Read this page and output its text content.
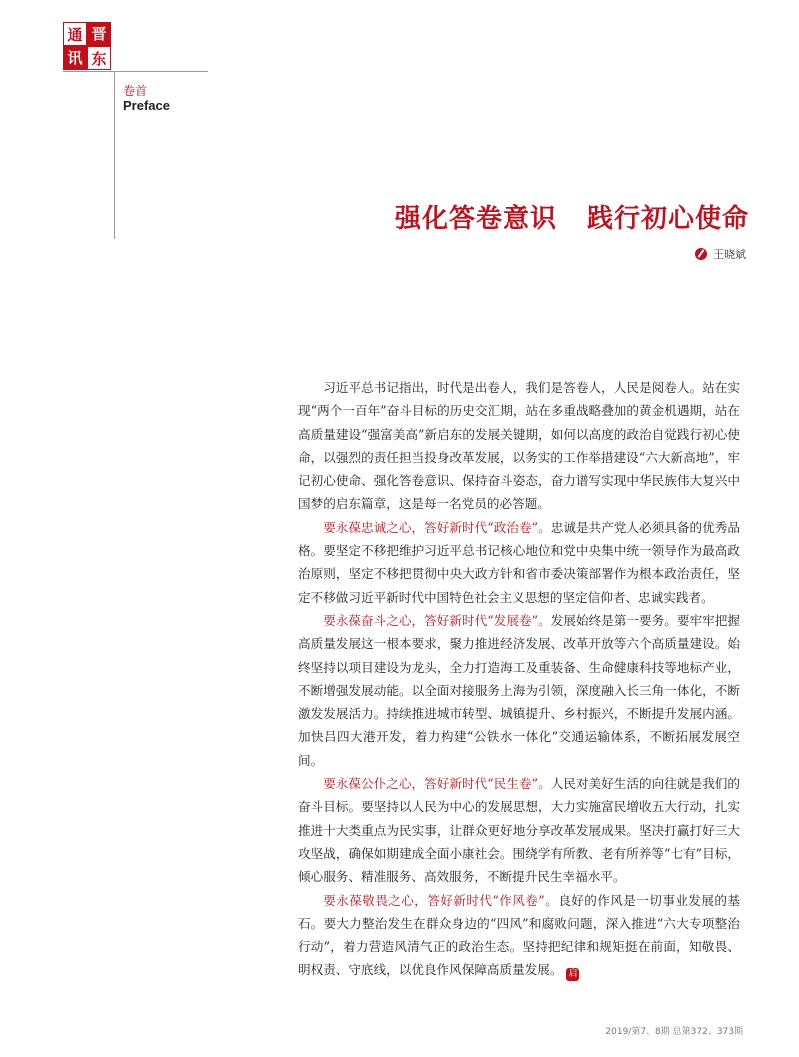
通 晋
讯 东
卷首
Preface
强化答卷意识 践行初心使命
王晓斌

习近平总书记指出，时代是出卷人，我们是答卷人，人民是阅卷人。站在实现“两个一百年”奋斗目标的历史交汇期，站在多重战略叠加的黄金机遇期，站在高质量建设“强富美高”新启东的发展关键期，如何以高度的政治自觉践行初心使命，以强烈的责任担当投身改革发展，以务实的工作举措建设“六大新高地”，牢记初心使命、强化答卷意识、保持奋斗姿态，奋力谱写实现中华民族伟大复兴中国梦的启东篇章，这是每一名党员的必答题。

要永葆忠诚之心，答好新时代“政治卷”。忠诚是共产党人必须具备的优秀品格。要坚定不移把维护习近平总书记核心地位和党中央集中统一领导作为最高政治原则，坚定不移把贯彻中央大政方针和省市委决策部署作为根本政治责任，坚定不移做习近平新时代中国特色社会主义思想的坚定信仰者、忠诚实践者。

要永葆奋斗之心，答好新时代“发展卷”。发展始终是第一要务。要牢牢把握高质量发展这一根本要求，聚力推进经济发展、改革开放等六个高质量建设。始终坚持以项目建设为龙头，全力打造海工及重装备、生命健康科技等地标产业，不断增强发展动能。以全面对接服务上海为引领，深度融入长三角一体化，不断激发发展活力。持续推进城市转型、城镇提升、乡村振兴，不断提升发展内涵。加快吕四大港开发，着力构建“公铁水一体化”交通运输体系，不断拓展发展空间。

要永葆公仆之心，答好新时代“民生卷”。人民对美好生活的向往就是我们的奋斗目标。要坚持以人民为中心的发展思想，大力实施富民增收五大行动，扎实推进十大类重点为民实事，让群众更好地分享改革发展成果。坚决打赢打好三大攻坚战，确保如期建成全面小康社会。围绕学有所教、老有所养等“七有”目标，倾心服务、精准服务、高效服务，不断提升民生幸福水平。

要永葆敬畏之心，答好新时代“作风卷”。良好的作风是一切事业发展的基石。要大力整治发生在群众身边的“四风”和腐败问题，深入推进“六大专项整治行动”，着力营造风清气正的政治生态。坚持把纪律和规矩挺在前面，知敬畏、明权责、守底线，以优良作风保障高质量发展。 启

2019/第7、8期 总第372、373期
